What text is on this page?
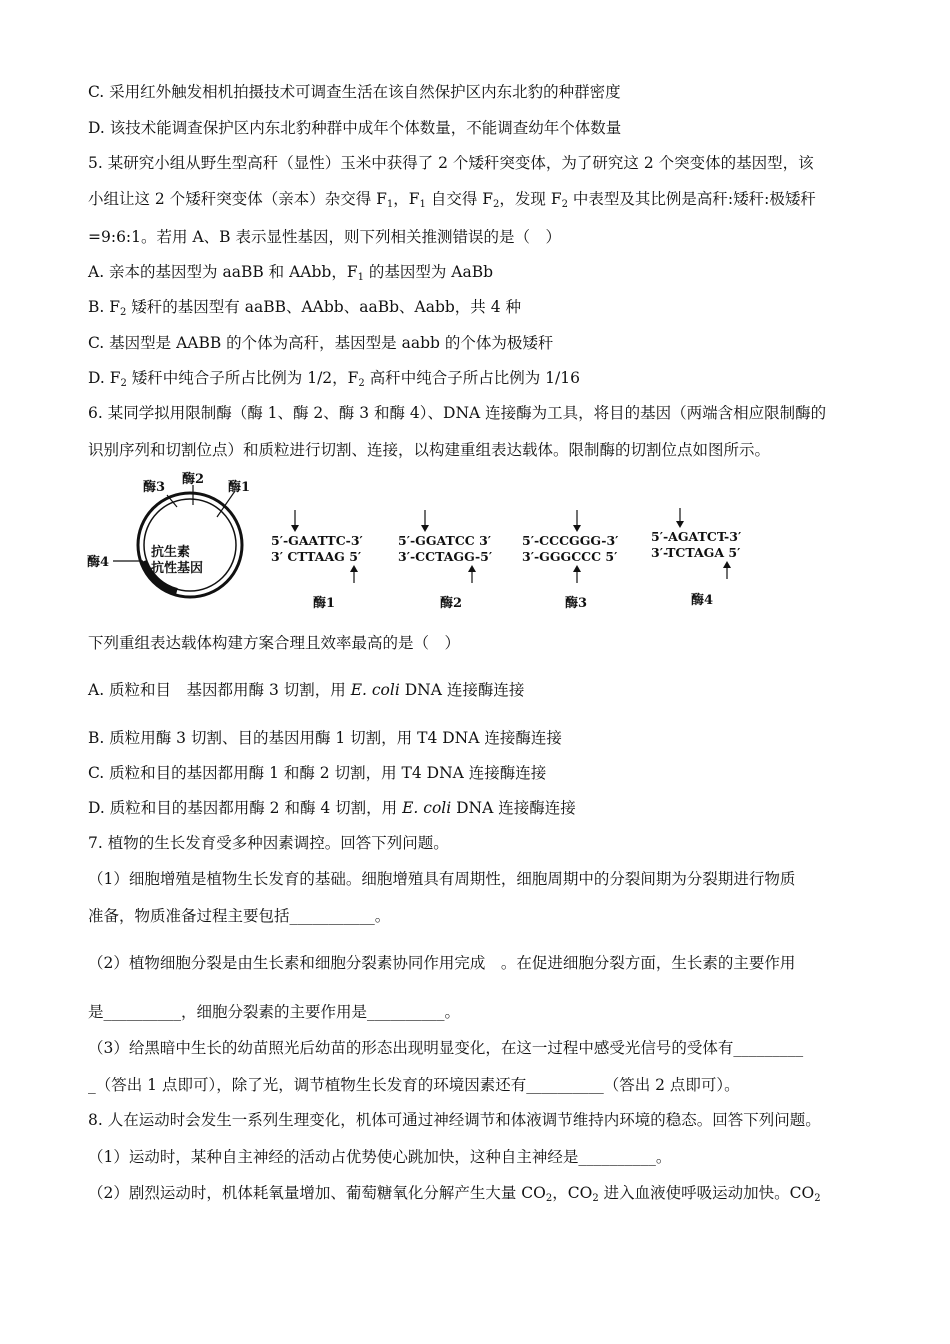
C. 采用红外触发相机拍摄技术可调查生活在该自然保护区内东北豹的种群密度
D. 该技术能调查保护区内东北豹种群中成年个体数量，不能调查幼年个体数量
5. 某研究小组从野生型高秆（显性）玉米中获得了 2 个矮秆突变体，为了研究这 2 个突变体的基因型，该
小组让这 2 个矮秆突变体（亲本）杂交得 $F_1$，$F_1$ 自交得 $F_2$，发现 $F_2$ 中表型及其比例是高秆:矮秆:极矮秆
=9:6:1。若用 A、B 表示显性基因，则下列相关推测错误的是（　）
A. 亲本的基因型为 aaBB 和 AAbb，$F_1$ 的基因型为 AaBb
B. $F_2$ 矮秆的基因型有 aaBB、AAbb、aaBb、Aabb，共 4 种
C. 基因型是 AABB 的个体为高秆，基因型是 aabb 的个体为极矮秆
D. $F_2$ 矮秆中纯合子所占比例为 1/2，$F_2$ 高秆中纯合子所占比例为 1/16
6. 某同学拟用限制酶（酶 1、酶 2、酶 3 和酶 4）、DNA 连接酶为工具，将目的基因（两端含相应限制酶的
识别序列和切割位点）和质粒进行切割、连接，以构建重组表达载体。限制酶的切割位点如图所示。
酶3
酶2
酶1
酶4
抗生素
抗性基因
5′-GAATTC-3′
3′ CTTAAG 5′
酶1
5′-GGATCC 3′
3′-CCTAGG-5′
酶2
5′-CCCGGG-3′
3′-GGGCCC 5′
酶3
5′-AGATCT-3′
3′-TCTAGA 5′
酶4
下列重组表达载体构建方案合理且效率最高的是（　）
A. 质粒和目　基因都用酶 3 切割，用 E. coli DNA 连接酶连接
B. 质粒用酶 3 切割、目的基因用酶 1 切割，用 T4 DNA 连接酶连接
C. 质粒和目的基因都用酶 1 和酶 2 切割，用 T4 DNA 连接酶连接
D. 质粒和目的基因都用酶 2 和酶 4 切割，用 E. coli DNA 连接酶连接
7. 植物的生长发育受多种因素调控。回答下列问题。
（1）细胞增殖是植物生长发育的基础。细胞增殖具有周期性，细胞周期中的分裂间期为分裂期进行物质
准备，物质准备过程主要包括___________。
（2）植物细胞分裂是由生长素和细胞分裂素协同作用完成　。在促进细胞分裂方面，生长素的主要作用
是__________，细胞分裂素的主要作用是__________。
（3）给黑暗中生长的幼苗照光后幼苗的形态出现明显变化，在这一过程中感受光信号的受体有_________
_（答出 1 点即可），除了光，调节植物生长发育的环境因素还有__________（答出 2 点即可）。
8. 人在运动时会发生一系列生理变化，机体可通过神经调节和体液调节维持内环境的稳态。回答下列问题。
（1）运动时，某种自主神经的活动占优势使心跳加快，这种自主神经是__________。
（2）剧烈运动时，机体耗氧量增加、葡萄糖氧化分解产生大量 $CO_2$，$CO_2$ 进入血液使呼吸运动加快。$CO_2$
